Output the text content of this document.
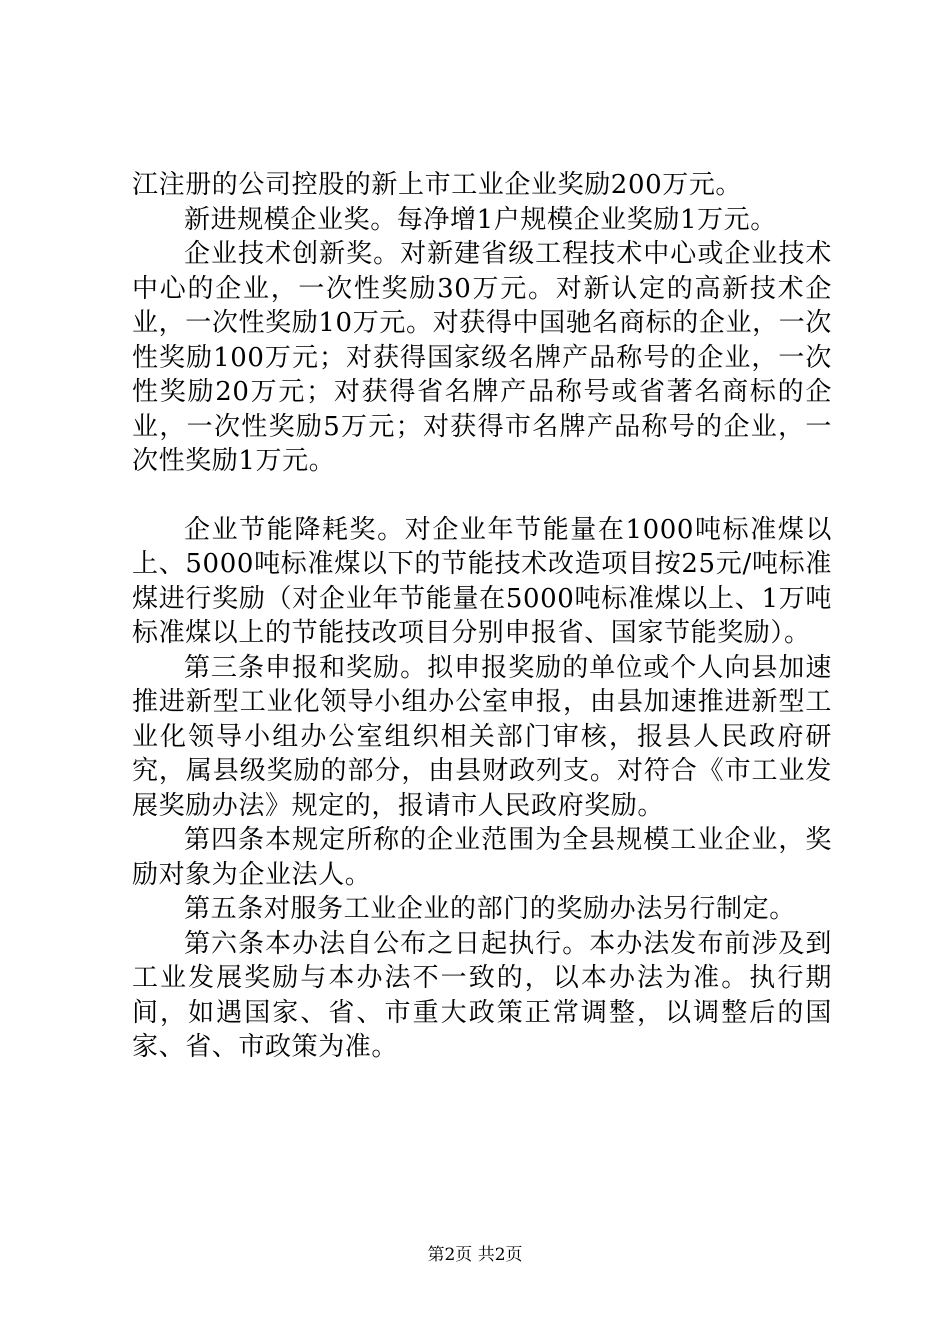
江注册的公司控股的新上市工业企业奖励200万元。

新进规模企业奖。每净增1户规模企业奖励1万元。

企业技术创新奖。对新建省级工程技术中心或企业技术中心的企业，一次性奖励30万元。对新认定的高新技术企业，一次性奖励10万元。对获得中国驰名商标的企业，一次性奖励100万元；对获得国家级名牌产品称号的企业，一次性奖励20万元；对获得省名牌产品称号或省著名商标的企业，一次性奖励5万元；对获得市名牌产品称号的企业，一次性奖励1万元。

企业节能降耗奖。对企业年节能量在1000吨标准煤以上、5000吨标准煤以下的节能技术改造项目按25元/吨标准煤进行奖励（对企业年节能量在5000吨标准煤以上、1万吨标准煤以上的节能技改项目分别申报省、国家节能奖励）。

第三条申报和奖励。拟申报奖励的单位或个人向县加速推进新型工业化领导小组办公室申报，由县加速推进新型工业化领导小组办公室组织相关部门审核，报县人民政府研究，属县级奖励的部分，由县财政列支。对符合《市工业发展奖励办法》规定的，报请市人民政府奖励。

第四条本规定所称的企业范围为全县规模工业企业，奖励对象为企业法人。

第五条对服务工业企业的部门的奖励办法另行制定。

第六条本办法自公布之日起执行。本办法发布前涉及到工业发展奖励与本办法不一致的，以本办法为准。执行期间，如遇国家、省、市重大政策正常调整，以调整后的国家、省、市政策为准。

第2页 共2页
